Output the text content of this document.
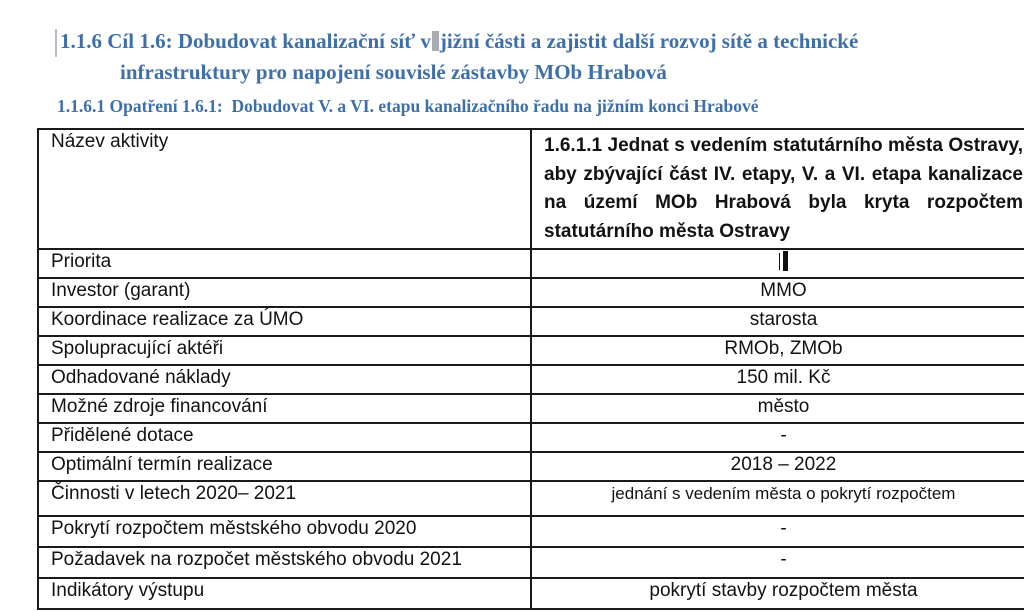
1.1.6 Cíl 1.6: Dobudovat kanalizační síť v jižní části a zajistit další rozvoj sítě a technické
infrastruktury pro napojení souvislé zástavby MOb Hrabová
1.1.6.1 Opatření 1.6.1:  Dobudovat V. a VI. etapu kanalizačního řadu na jižním konci Hrabové
Název aktivity	1.6.1.1 Jednat s vedením statutárního města Ostravy, aby zbývající část IV. etapy, V. a VI. etapa kanalizace na území MOb Hrabová byla kryta rozpočtem statutárního města Ostravy

Priorita	

Investor (garant)	MMO

Koordinace realizace za ÚMO	starosta

Spolupracující aktéři	RMOb, ZMOb

Odhadované náklady	150 mil. Kč

Možné zdroje financování	město

Přidělené dotace	-

Optimální termín realizace	2018 – 2022

Činnosti v letech 2020– 2021	jednání s vedením města o pokrytí rozpočtem

Pokrytí rozpočtem městského obvodu 2020	-

Požadavek na rozpočet městského obvodu 2021	-

Indikátory výstupu	pokrytí stavby rozpočtem města
